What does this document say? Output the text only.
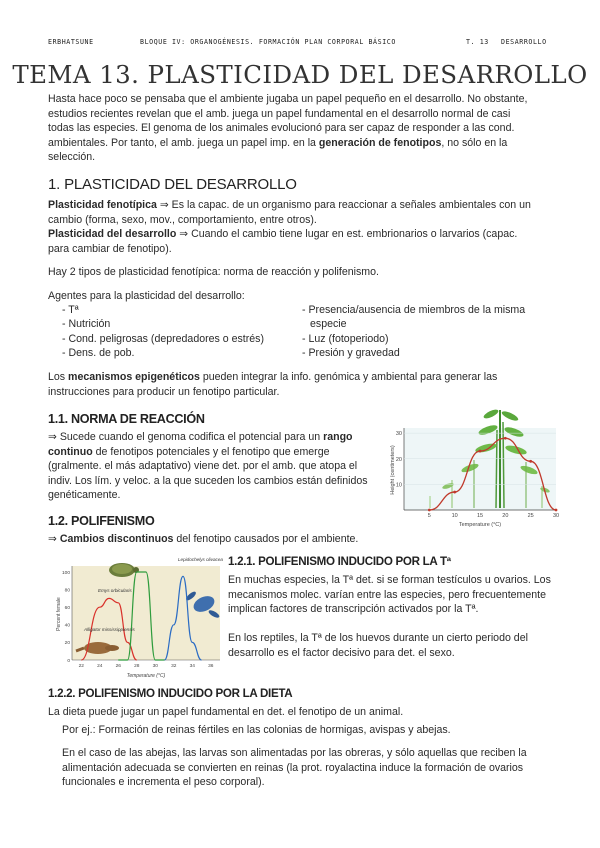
ERBHATSUNE	BLOQUE IV: ORGANOGÉNESIS. FORMACIÓN PLAN CORPORAL BÁSICO	T. 13 DESARROLLO
TEMA 13. PLASTICIDAD DEL DESARROLLO
Hasta hace poco se pensaba que el ambiente jugaba un papel pequeño en el desarrollo. No obstante,
estudios recientes revelan que el amb. juega un papel fundamental en el desarrollo normal de casi
todas las especies. El genoma de los animales evolucionó para ser capaz de responder a las cond.
ambientales. Por tanto, el amb. juega un papel imp. en la generación de fenotipos, no sólo en la
selección.
1. PLASTICIDAD DEL DESARROLLO
Plasticidad fenotípica ⇒ Es la capac. de un organismo para reaccionar a señales ambientales con un
cambio (forma, sexo, mov., comportamiento, entre otros).
Plasticidad del desarrollo ⇒ Cuando el cambio tiene lugar en est. embrionarios o larvarios (capac.
para cambiar de fenotipo).
Hay 2 tipos de plasticidad fenotípica: norma de reacción y polifenismo.
Agentes para la plasticidad del desarrollo:
- Tª
- Nutrición
- Cond. peligrosas (depredadores o estrés)
- Dens. de pob.
- Presencia/ausencia de miembros de la misma
especie
- Luz (fotoperiodo)
- Presión y gravedad
Los mecanismos epigenéticos pueden integrar la info. genómica y ambiental para generar las
instrucciones para producir un fenotipo particular.
1.1. NORMA DE REACCIÓN
⇒ Sucede cuando el genoma codifica el potencial para un rango
continuo de fenotipos potenciales y el fenotipo que emerge
(gralmente. el más adaptativo) viene det. por el amb. que atopa el
indiv. Los lím. y veloc. a la que suceden los cambios están definidos
genéticamente.
5	10	15	20	25	30
10
20
30
Height (centimeters)
Temperature (°C)
1.2. POLIFENISMO
⇒ Cambios discontinuos del fenotipo causados por el ambiente.
22	24	26	28	30	32	34	36
0
20
40
60
80
100
Emys orbicularis
Alligator mississippiensis
Lepidochelys olivacea
Percent female
Temperature (°C)
1.2.1. POLIFENISMO INDUCIDO POR LA Tª
En muchas especies, la Tª det. si se forman testículos u ovarios. Los
mecanismos molec. varían entre las especies, pero frecuentemente
implican factores de transcripción activados por la Tª.
En los reptiles, la Tª de los huevos durante un cierto periodo del
desarrollo es el factor decisivo para det. el sexo.
1.2.2. POLIFENISMO INDUCIDO POR LA DIETA
La dieta puede jugar un papel fundamental en det. el fenotipo de un animal.
Por ej.: Formación de reinas fértiles en las colonias de hormigas, avispas y abejas.
En el caso de las abejas, las larvas son alimentadas por las obreras, y sólo aquellas que reciben la
alimentación adecuada se convierten en reinas (la prot. royalactina induce la formación de ovarios
funcionales e incrementa el peso corporal).
